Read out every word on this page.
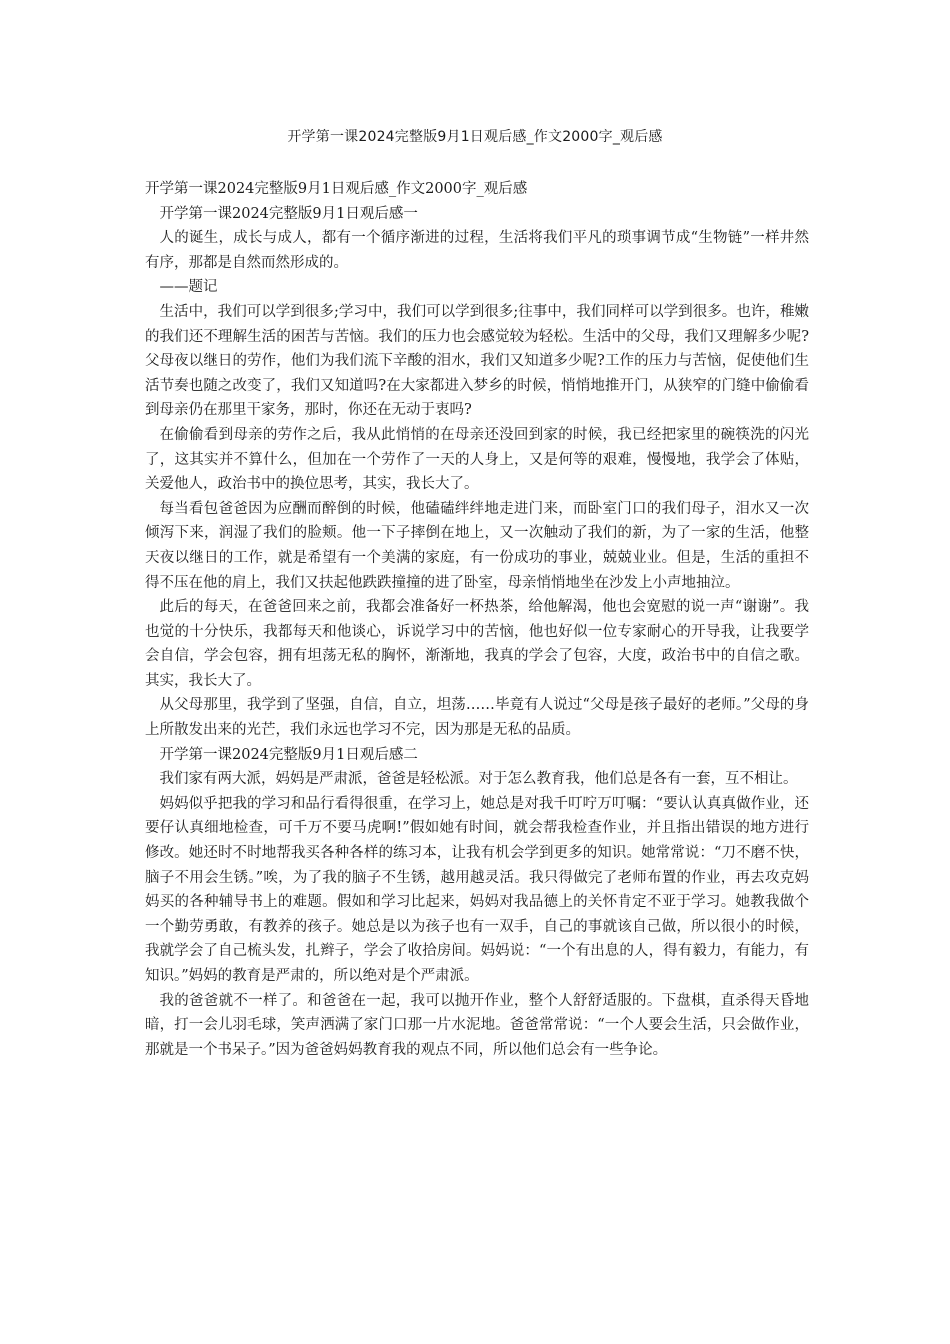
开学第一课2024完整版9月1日观后感_作文2000字_观后感

开学第一课2024完整版9月1日观后感_作文2000字_观后感

开学第一课2024完整版9月1日观后感一

人的诞生，成长与成人，都有一个循序渐进的过程，生活将我们平凡的琐事调节成“生物链”一样井然有序，那都是自然而然形成的。

——题记

生活中，我们可以学到很多;学习中，我们可以学到很多;往事中，我们同样可以学到很多。也许，稚嫩的我们还不理解生活的困苦与苦恼。我们的压力也会感觉较为轻松。生活中的父母，我们又理解多少呢?父母夜以继日的劳作，他们为我们流下辛酸的泪水，我们又知道多少呢?工作的压力与苦恼，促使他们生活节奏也随之改变了，我们又知道吗?在大家都进入梦乡的时候，悄悄地推开门，从狭窄的门缝中偷偷看到母亲仍在那里干家务，那时，你还在无动于衷吗?

在偷偷看到母亲的劳作之后，我从此悄悄的在母亲还没回到家的时候，我已经把家里的碗筷洗的闪光了，这其实并不算什么，但加在一个劳作了一天的人身上，又是何等的艰难，慢慢地，我学会了体贴，关爱他人，政治书中的换位思考，其实，我长大了。

每当看包爸爸因为应酬而醉倒的时候，他磕磕绊绊地走进门来，而卧室门口的我们母子，泪水又一次倾泻下来，润湿了我们的脸颊。他一下子摔倒在地上，又一次触动了我们的新，为了一家的生活，他整天夜以继日的工作，就是希望有一个美满的家庭，有一份成功的事业，兢兢业业。但是，生活的重担不得不压在他的肩上，我们又扶起他跌跌撞撞的进了卧室，母亲悄悄地坐在沙发上小声地抽泣。

此后的每天，在爸爸回来之前，我都会准备好一杯热茶，给他解渴，他也会宽慰的说一声“谢谢”。我也觉的十分快乐，我都每天和他谈心，诉说学习中的苦恼，他也好似一位专家耐心的开导我，让我要学会自信，学会包容，拥有坦荡无私的胸怀，渐渐地，我真的学会了包容，大度，政治书中的自信之歌。其实，我长大了。

从父母那里，我学到了坚强，自信，自立，坦荡……毕竟有人说过“父母是孩子最好的老师。”父母的身上所散发出来的光芒，我们永远也学习不完，因为那是无私的品质。

开学第一课2024完整版9月1日观后感二

我们家有两大派，妈妈是严肃派，爸爸是轻松派。对于怎么教育我，他们总是各有一套，互不相让。

妈妈似乎把我的学习和品行看得很重，在学习上，她总是对我千叮咛万叮嘱：“要认认真真做作业，还要仔认真细地检查，可千万不要马虎啊!”假如她有时间，就会帮我检查作业，并且指出错误的地方进行修改。她还时不时地帮我买各种各样的练习本，让我有机会学到更多的知识。她常常说：“刀不磨不快，脑子不用会生锈。”唉，为了我的脑子不生锈，越用越灵活。我只得做完了老师布置的作业，再去攻克妈妈买的各种辅导书上的难题。假如和学习比起来，妈妈对我品德上的关怀肯定不亚于学习。她教我做个一个勤劳勇敢，有教养的孩子。她总是以为孩子也有一双手，自己的事就该自己做，所以很小的时候，我就学会了自己梳头发，扎辫子，学会了收拾房间。妈妈说：“一个有出息的人，得有毅力，有能力，有知识。”妈妈的教育是严肃的，所以绝对是个严肃派。

我的爸爸就不一样了。和爸爸在一起，我可以抛开作业，整个人舒舒适服的。下盘棋，直杀得天昏地暗，打一会儿羽毛球，笑声洒满了家门口那一片水泥地。爸爸常常说：“一个人要会生活，只会做作业，那就是一个书呆子。”因为爸爸妈妈教育我的观点不同，所以他们总会有一些争论。
